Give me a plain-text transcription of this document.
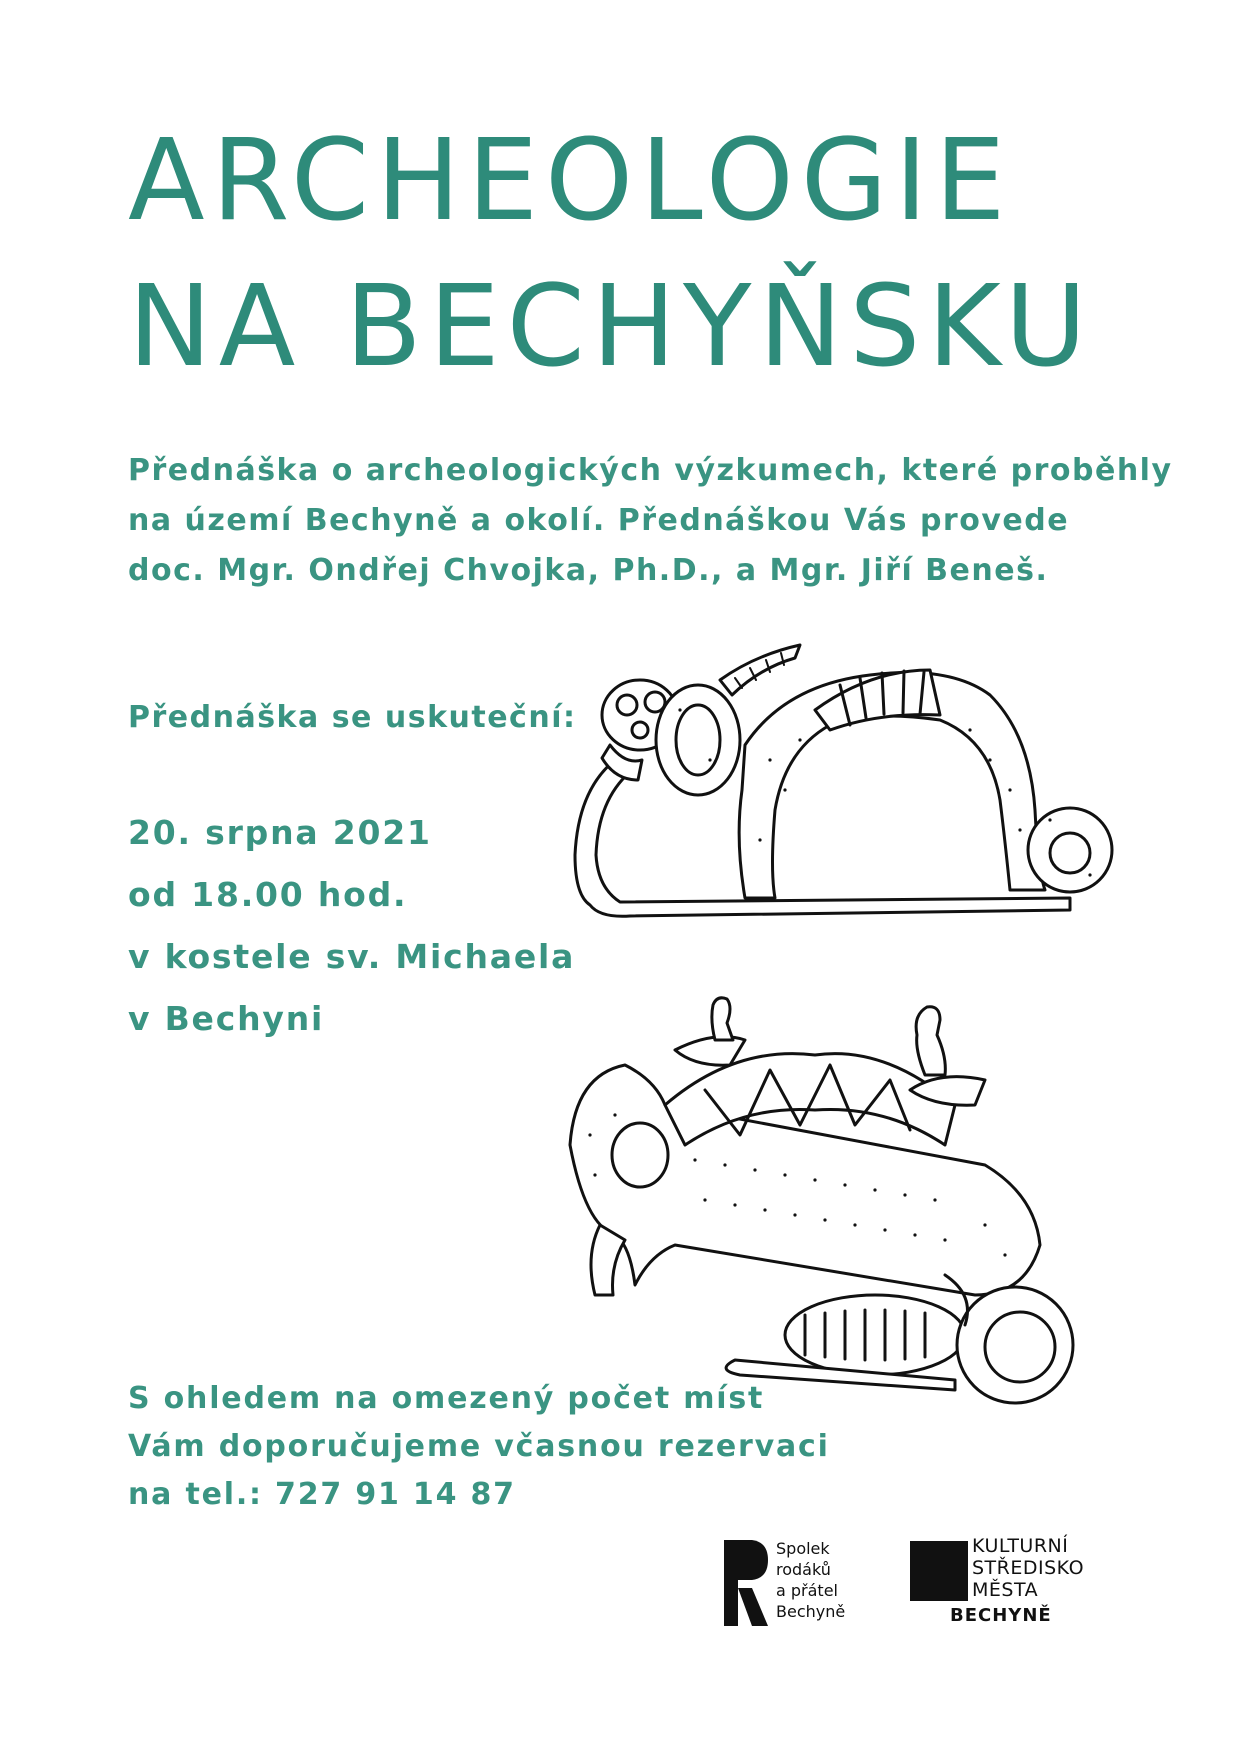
ARCHEOLOGIE
NA BECHYŇSKU
Přednáška o archeologických výzkumech, které proběhly
na území Bechyně a okolí. Přednáškou Vás provede
doc. Mgr. Ondřej Chvojka, Ph.D., a Mgr. Jiří Beneš.
Přednáška se uskuteční:
20. srpna 2021
od 18.00 hod.
v kostele sv. Michaela
v Bechyni
S ohledem na omezený počet míst
Vám doporučujeme včasnou rezervaci
na tel.: 727 91 14 87
Spolek
rodáků
a přátel
Bechyně
KULTURNÍ
STŘEDISKO
MĚSTA
BECHYNĚ
